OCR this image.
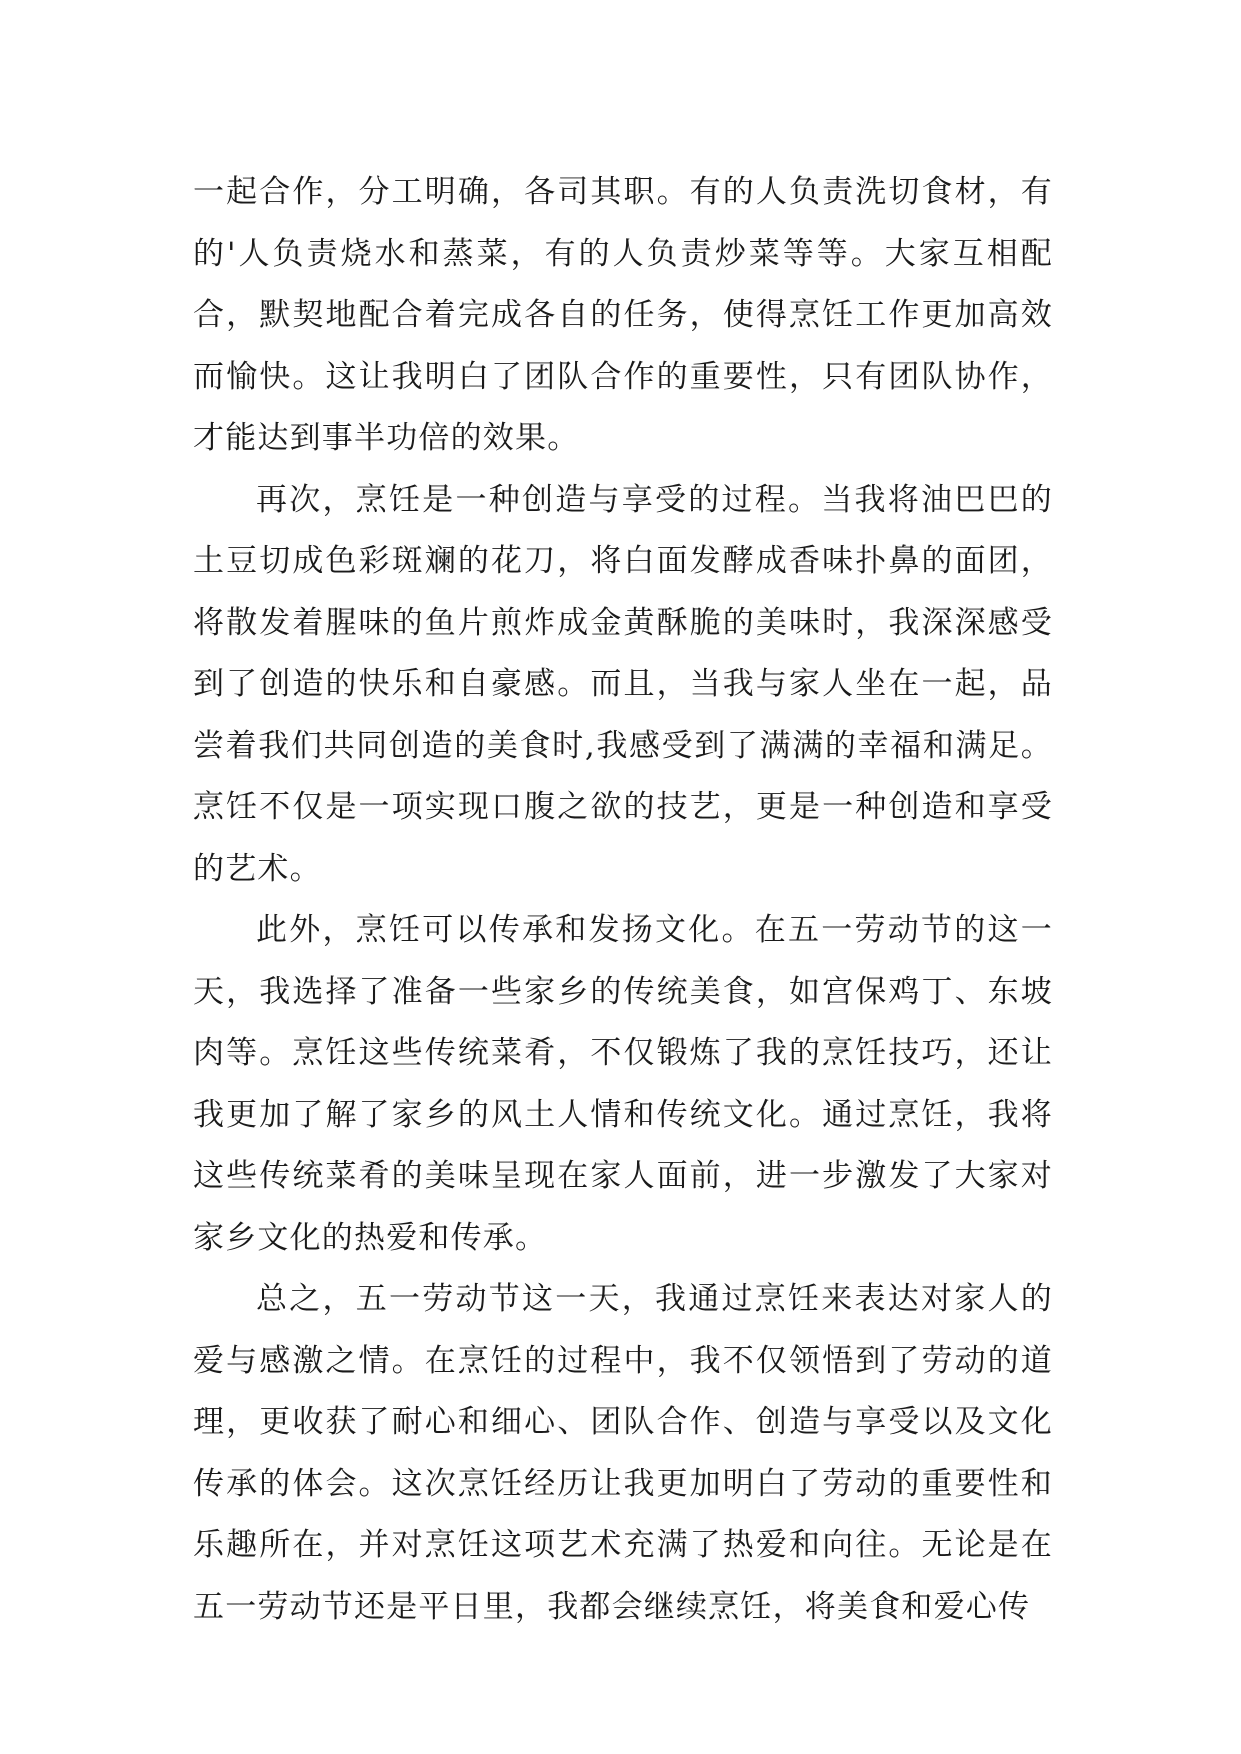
一起合作，分工明确，各司其职。有的人负责洗切食材，有的'人负责烧水和蒸菜，有的人负责炒菜等等。大家互相配合，默契地配合着完成各自的任务，使得烹饪工作更加高效而愉快。这让我明白了团队合作的重要性，只有团队协作，才能达到事半功倍的效果。

再次，烹饪是一种创造与享受的过程。当我将油巴巴的土豆切成色彩斑斓的花刀，将白面发酵成香味扑鼻的面团，将散发着腥味的鱼片煎炸成金黄酥脆的美味时，我深深感受到了创造的快乐和自豪感。而且，当我与家人坐在一起，品尝着我们共同创造的美食时,我感受到了满满的幸福和满足。烹饪不仅是一项实现口腹之欲的技艺，更是一种创造和享受的艺术。

此外，烹饪可以传承和发扬文化。在五一劳动节的这一天，我选择了准备一些家乡的传统美食，如宫保鸡丁、东坡肉等。烹饪这些传统菜肴，不仅锻炼了我的烹饪技巧，还让我更加了解了家乡的风土人情和传统文化。通过烹饪，我将这些传统菜肴的美味呈现在家人面前，进一步激发了大家对家乡文化的热爱和传承。

总之，五一劳动节这一天，我通过烹饪来表达对家人的爱与感激之情。在烹饪的过程中，我不仅领悟到了劳动的道理，更收获了耐心和细心、团队合作、创造与享受以及文化传承的体会。这次烹饪经历让我更加明白了劳动的重要性和乐趣所在，并对烹饪这项艺术充满了热爱和向往。无论是在五一劳动节还是平日里，我都会继续烹饪，将美食和爱心传
